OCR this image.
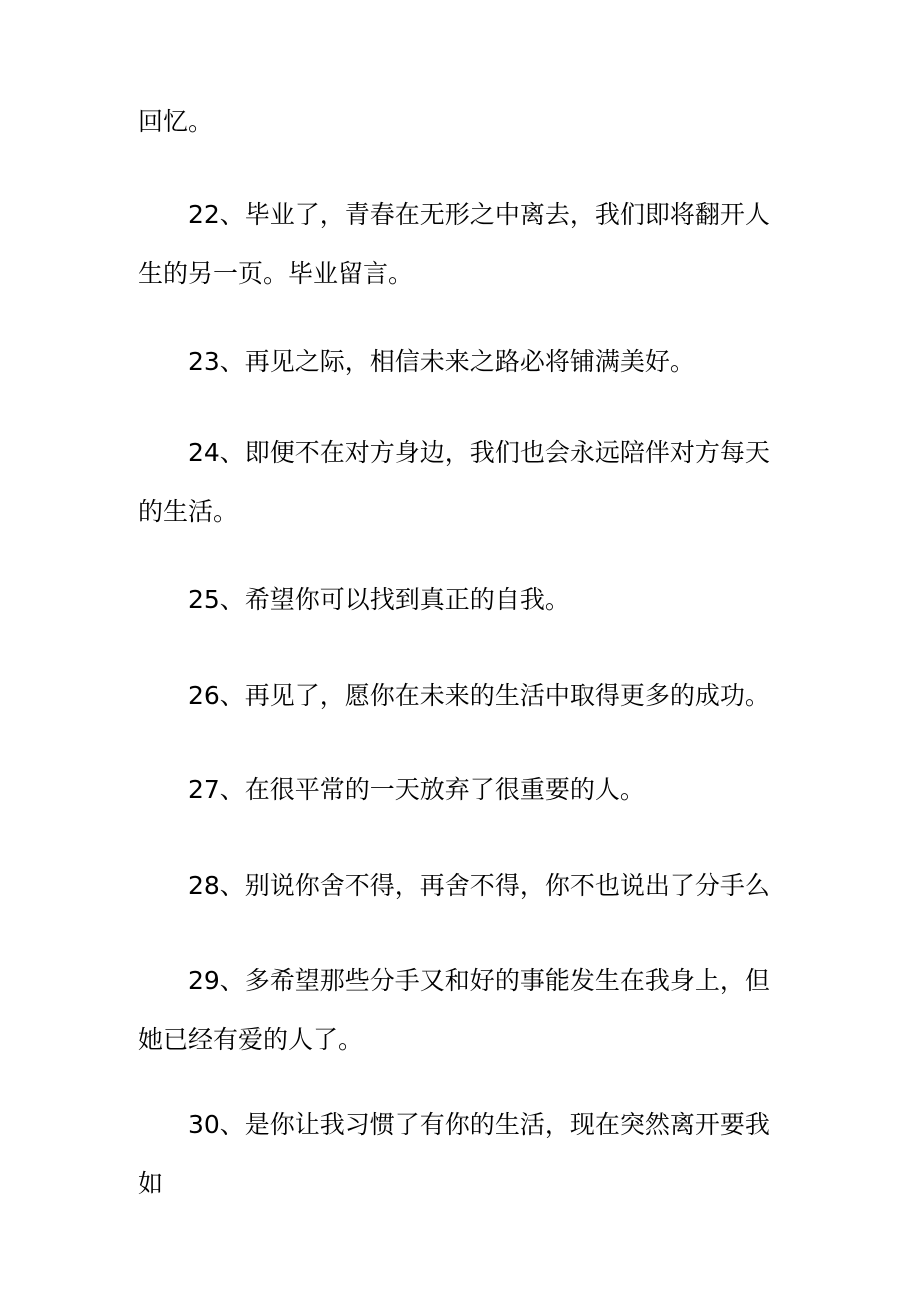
回忆。

22、毕业了，青春在无形之中离去，我们即将翻开人生的另一页。毕业留言。

23、再见之际，相信未来之路必将铺满美好。

24、即便不在对方身边，我们也会永远陪伴对方每天的生活。

25、希望你可以找到真正的自我。

26、再见了，愿你在未来的生活中取得更多的成功。

27、在很平常的一天放弃了很重要的人。

28、别说你舍不得，再舍不得，你不也说出了分手么

29、多希望那些分手又和好的事能发生在我身上，但她已经有爱的人了。

30、是你让我习惯了有你的生活，现在突然离开要我如
